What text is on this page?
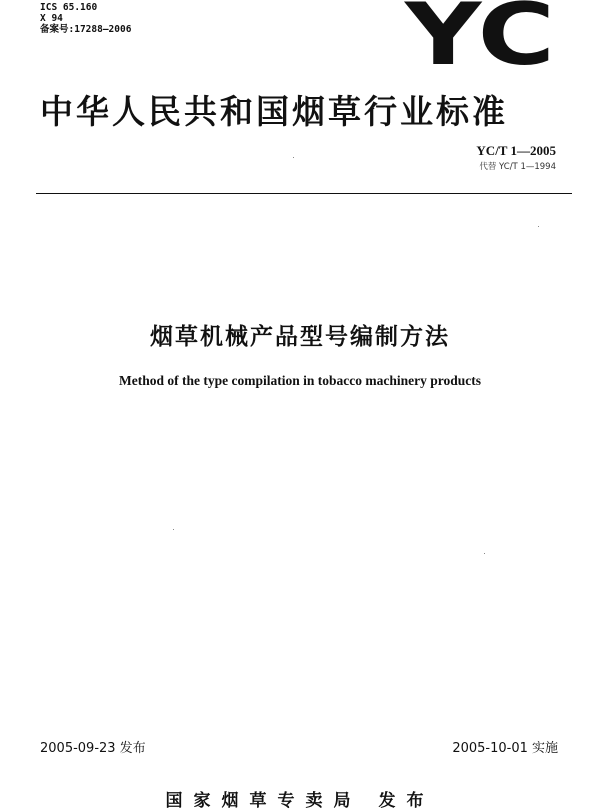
ICS 65.160
X 94
备案号:17288—2006	YC
中华人民共和国烟草行业标准
YC/T 1—2005
代替 YC/T 1—1994
烟草机械产品型号编制方法
Method of the type compilation in tobacco machinery products
2005-09-23 发布	2005-10-01 实施
国家烟草专卖局 发布
